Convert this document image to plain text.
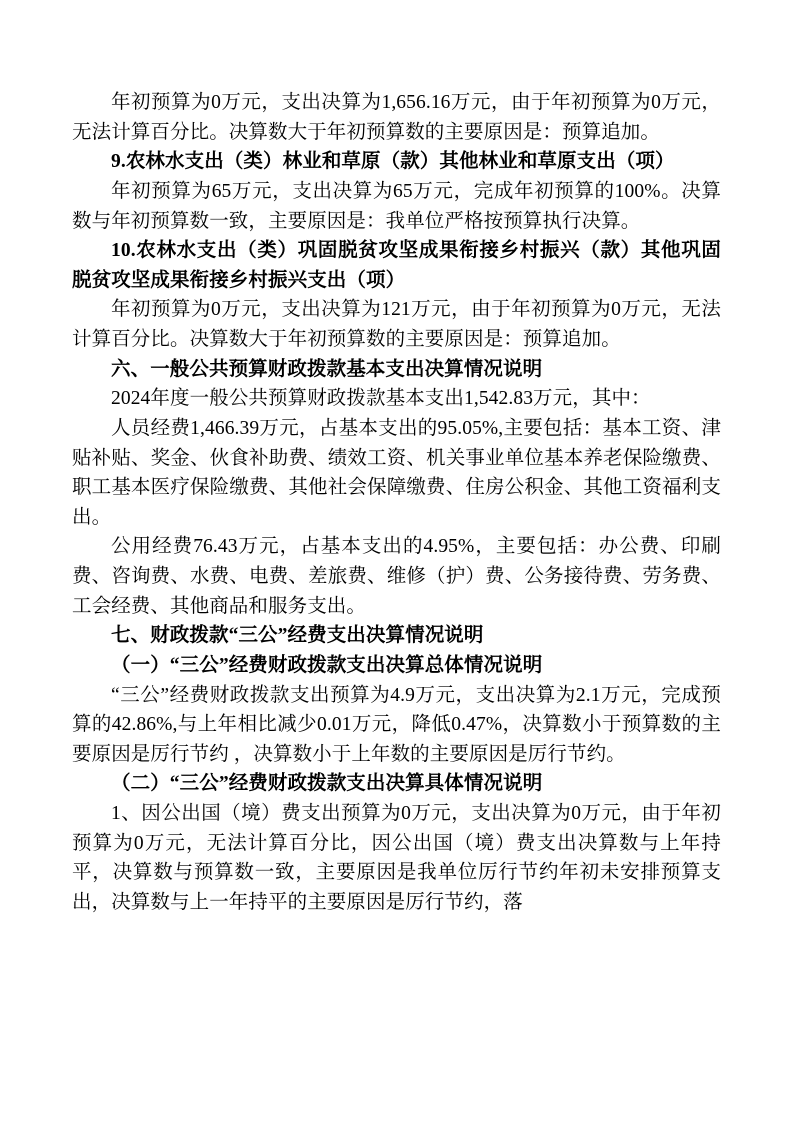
年初预算为0万元，支出决算为1,656.16万元，由于年初预算为0万元，无法计算百分比。决算数大于年初预算数的主要原因是：预算追加。

9.农林水支出（类）林业和草原（款）其他林业和草原支出（项）

年初预算为65万元，支出决算为65万元，完成年初预算的100%。决算数与年初预算数一致，主要原因是：我单位严格按预算执行决算。

10.农林水支出（类）巩固脱贫攻坚成果衔接乡村振兴（款）其他巩固脱贫攻坚成果衔接乡村振兴支出（项）

年初预算为0万元，支出决算为121万元，由于年初预算为0万元，无法计算百分比。决算数大于年初预算数的主要原因是：预算追加。

六、一般公共预算财政拨款基本支出决算情况说明

2024年度一般公共预算财政拨款基本支出1,542.83万元，其中：

人员经费1,466.39万元，占基本支出的95.05%,主要包括：基本工资、津贴补贴、奖金、伙食补助费、绩效工资、机关事业单位基本养老保险缴费、职工基本医疗保险缴费、其他社会保障缴费、住房公积金、其他工资福利支出。

公用经费76.43万元，占基本支出的4.95%，主要包括：办公费、印刷费、咨询费、水费、电费、差旅费、维修（护）费、公务接待费、劳务费、工会经费、其他商品和服务支出。

七、财政拨款“三公”经费支出决算情况说明

（一）“三公”经费财政拨款支出决算总体情况说明

“三公”经费财政拨款支出预算为4.9万元，支出决算为2.1万元，完成预算的42.86%,与上年相比减少0.01万元，降低0.47%，决算数小于预算数的主要原因是厉行节约 ，决算数小于上年数的主要原因是厉行节约。

（二）“三公”经费财政拨款支出决算具体情况说明

1、因公出国（境）费支出预算为0万元，支出决算为0万元，由于年初预算为0万元，无法计算百分比，因公出国（境）费支出决算数与上年持平，决算数与预算数一致，主要原因是我单位厉行节约年初未安排预算支出，决算数与上一年持平的主要原因是厉行节约，落
